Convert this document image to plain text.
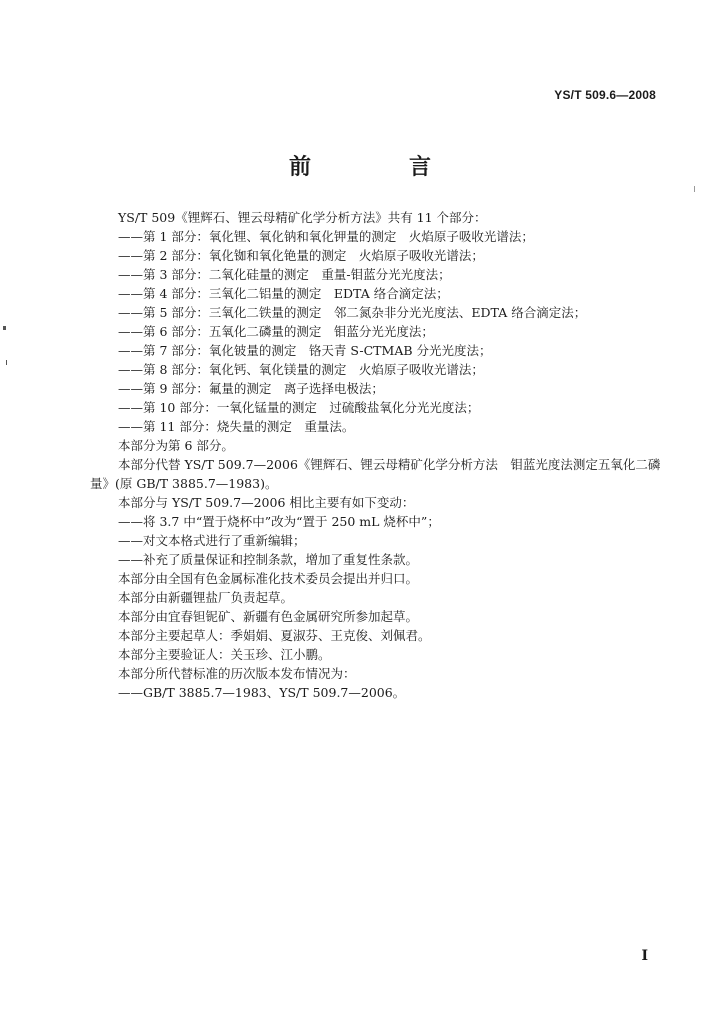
YS/T 509.6—2008
前　言
YS/T 509《锂辉石、锂云母精矿化学分析方法》共有 11 个部分：
——第 1 部分：氧化锂、氧化钠和氧化钾量的测定　火焰原子吸收光谱法；
——第 2 部分：氧化铷和氧化铯量的测定　火焰原子吸收光谱法；
——第 3 部分：二氧化硅量的测定　重量-钼蓝分光光度法；
——第 4 部分：三氧化二铝量的测定　EDTA 络合滴定法；
——第 5 部分：三氧化二铁量的测定　邻二氮杂非分光光度法、EDTA 络合滴定法；
——第 6 部分：五氧化二磷量的测定　钼蓝分光光度法；
——第 7 部分：氧化铍量的测定　铬天青 S-CTMAB 分光光度法；
——第 8 部分：氧化钙、氧化镁量的测定　火焰原子吸收光谱法；
——第 9 部分：氟量的测定　离子选择电极法；
——第 10 部分：一氧化锰量的测定　过硫酸盐氧化分光光度法；
——第 11 部分：烧失量的测定　重量法。
本部分为第 6 部分。
本部分代替 YS/T 509.7—2006《锂辉石、锂云母精矿化学分析方法　钼蓝光度法测定五氧化二磷
量》(原 GB/T 3885.7—1983)。
本部分与 YS/T 509.7—2006 相比主要有如下变动：
——将 3.7 中“置于烧杯中”改为“置于 250 mL 烧杯中”；
——对文本格式进行了重新编辑；
——补充了质量保证和控制条款，增加了重复性条款。
本部分由全国有色金属标准化技术委员会提出并归口。
本部分由新疆锂盐厂负责起草。
本部分由宜春钽铌矿、新疆有色金属研究所参加起草。
本部分主要起草人：季娟娟、夏淑芬、王克俊、刘佩君。
本部分主要验证人：关玉珍、江小鹏。
本部分所代替标准的历次版本发布情况为：
——GB/T 3885.7—1983、YS/T 509.7—2006。
I
